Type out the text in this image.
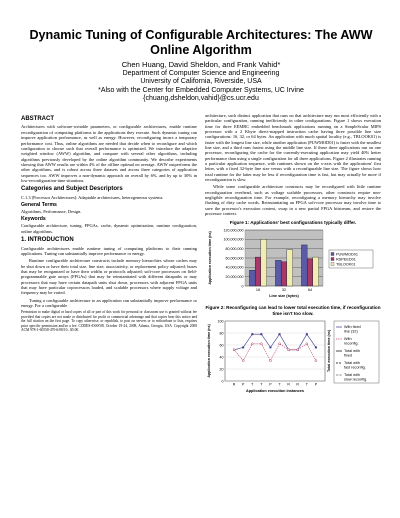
Dynamic Tuning of Configurable Architectures: The AWW
Online Algorithm
Chen Huang, David Sheldon, and Frank Vahid*
Department of Computer Science and Engineering
University of California, Riverside, USA
*Also with the Center for Embedded Computer Systems, UC Irvine
{chuang,dsheldon,vahid}@cs.ucr.edu
ABSTRACT

Architectures with software-writable parameters, or configurable architectures, enable runtime reconfiguration of computing platforms to the applications they execute. Such dynamic tuning can improve application performance, as well as energy. However, reconfiguring incurs a temporary performance cost. Thus, online algorithms are needed that decide when to reconfigure and which configuration to choose such that overall performance is optimized. We introduce the adaptive weighted window (AWW) algorithm, and compare with several other algorithms, including algorithms previously developed by the online algorithm community. We describe experiments showing that AWW results are within 4% of the offline optimal on average. AWW outperforms the other algorithms, and is robust across three datasets and across three categories of application sequences too. AWW improves a non-dynamic approach on overall by 6%, and by up to 30% in low-reconfiguration-time situations.

Categories and Subject Descriptors

C.1.3 [Processor Architectures]: Adaptable architectures, heterogeneous systems.

General Terms

Algorithms, Performance, Design.

Keywords

Configurable architecture, tuning, FPGAs, cache, dynamic optimization, runtime configuration, online algorithms.

1. INTRODUCTION

Configurable architectures enable runtime tuning of computing platforms to their running applications. Tuning can substantially improve performance or energy.

Runtime configurable architecture constructs include memory hierarchies whose caches may be shut down or have their total size, line size, associativity, or replacement policy adjusted; buses that may be reorganized or have their widths or protocols adjusted; soft-core processors on field-programmable gate arrays (FPGAs) that may be reinstantiated with different datapaths or may processors that may have certain datapath units shut down, processors with adjacent FPGA units that may have particular coprocessors loaded, and scalable processors where supply voltage and frequency may be varied.

Tuning a configurable architecture to an application can substantially improve performance or energy. For a configurable

Permission to make digital or hard copies of all or part of this work for personal or classroom use is granted without fee provided that copies are not made or distributed for profit or commercial advantage and that copies bear this notice and the full citation on the first page. To copy otherwise, or republish, to post on servers or to redistribute to lists, requires prior specific permission and/or a fee. CODES+ISSS'08, October 19-24, 2008, Atlanta, Georgia, USA. Copyright 2008 ACM 978-1-60558-470-6/08/10...$5.00.

architecture, such distinct application that runs on that architecture may run most efficiently with a particular configuration, running inefficiently in other configurations. Figure 1 shows execution time for three EEMBC embedded benchmark applications running on a SimpleScalar MIPS processor with a 2 Kbyte direct-mapped instruction cache having three possible line size configurations: 16, 32, or 64 bytes. An application with much spatial locality (e.g., TBLOOK01) is faster with the longest line size, while another application (PUWMOD01) is faster with the smallest line size, and a third runs fastest using the middle line size. If these three applications run on one processor, reconfiguring the cache for the currently-executing application may yield 40% better performance than using a single configuration for all three applications. Figure 2 illustrates running a particular application sequence, with runtimes shown on the x-axis with the applications' first letter, with a fixed 32-byte line size versus with a reconfigurable line size. The figure shows how total runtime for the latter may be less if reconfiguration time is fast, but may actually be more if reconfiguration is slow.

While some configurable architecture constructs may be reconfigured with little runtime reconfiguration overhead, such as voltage scalable processors, other constructs require non-negligible reconfiguration time. For example, reconfiguring a memory hierarchy may involve flushing of dirty cache words. Reinstantiating an FPGA soft-core processor may involve time to save the processor's execution context, swap in a new partial FPGA bitstream, and restore the processor context.

Figure 1: Applications' best configurations typically differ.
0
20,000,000
40,000,000
60,000,000
80,000,000
100,000,000
120,000,000
16	32	64
Line size (bytes)
Application execution time (ns)	PUWMOD01
RSPEED01
TBLOOK01
Figure 2: Reconfiguring can lead to lower total execution time, if reconfiguration time isn't too slow.
0
20
40
60
80
100
R P T T P T R R T P
Application execution instances
Application execution time (ns)	Total execution time (ns)
With fixed
line (32)
With
reconfig.
Total with
fixed
Total with
fast reconfig.
Total with
slow reconfig.
